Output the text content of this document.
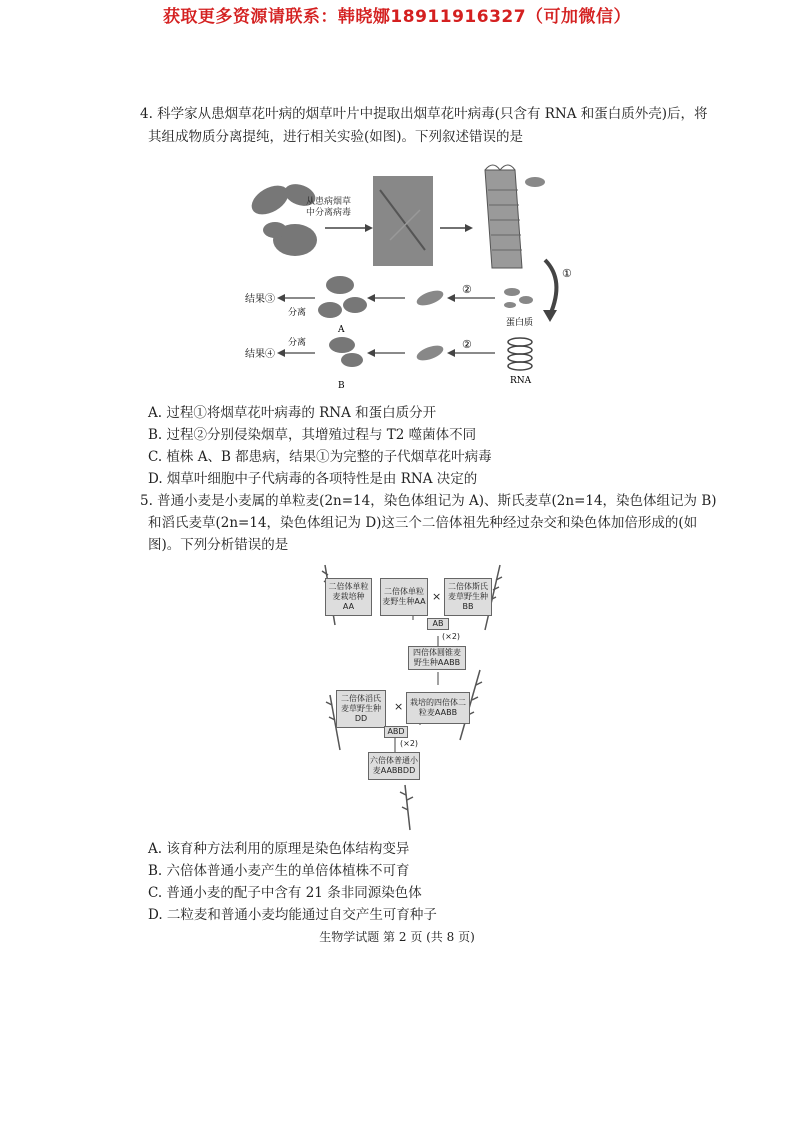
获取更多资源请联系：韩晓娜18911916327（可加微信）
4. 科学家从患烟草花叶病的烟草叶片中提取出烟草花叶病毒(只含有 RNA 和蛋白质外壳)后，将
其组成物质分离提纯，进行相关实验(如图)。下列叙述错误的是
①
蛋白质
RNA
②
A
分离
结果③
②
B
分离
结果④
从患病烟草
中分离病毒
A. 过程①将烟草花叶病毒的 RNA 和蛋白质分开
B. 过程②分别侵染烟草，其增殖过程与 T2 噬菌体不同
C. 植株 A、B 都患病，结果①为完整的子代烟草花叶病毒
D. 烟草叶细胞中子代病毒的各项特性是由 RNA 决定的
5. 普通小麦是小麦属的单粒麦(2n=14，染色体组记为 A)、斯氏麦草(2n=14，染色体组记为 B)
和滔氏麦草(2n=14，染色体组记为 D)这三个二倍体祖先种经过杂交和染色体加倍形成的(如
图)。下列分析错误的是
二倍体单粒麦栽培种AA
二倍体单粒麦野生种AA ×
二倍体斯氏麦草野生种BB
AB
(×2)
四倍体圆锥麦野生种AABB
二倍体滔氏麦草野生种DD
× 栽培的四倍体二粒麦AABB
ABD
(×2)
六倍体普通小麦AABBDD
A. 该育种方法利用的原理是染色体结构变异
B. 六倍体普通小麦产生的单倍体植株不可育
C. 普通小麦的配子中含有 21 条非同源染色体
D. 二粒麦和普通小麦均能通过自交产生可育种子
生物学试题 第 2 页 (共 8 页)
